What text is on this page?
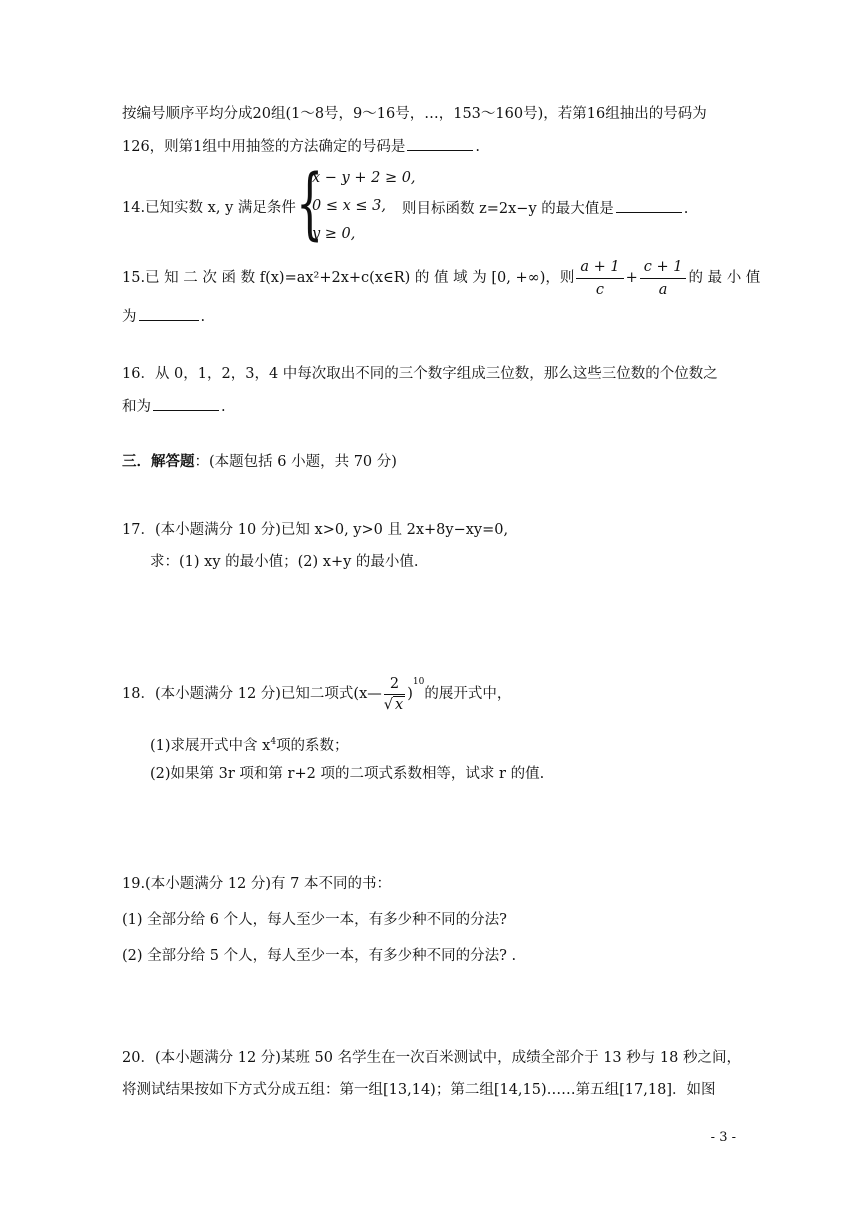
按编号顺序平均分成20组(1～8号，9～16号，…，153～160号)，若第16组抽出的号码为
126，则第1组中用抽签的方法确定的号码是	.
14.已知实数 x, y 满足条件 {
x − y + 2 ≥ 0,
0 ≤ x ≤ 3,
y ≥ 0,
则目标函数 z=2x−y 的最大值是	.
15.已 知 二 次 函 数 f(x)=ax²+2x+c(x∈R) 的 值 域 为 [0, +∞)，则 $\frac{a + 1}{c} + \frac{c + 1}{a}$ 的 最 小 值
为	.
16．从 0，1，2，3，4 中每次取出不同的三个数字组成三位数，那么这些三位数的个位数之
和为	.
三．解答题：(本题包括 6 小题，共 70 分)
17．(本小题满分 10 分)已知 x>0, y>0 且 2x+8y−xy=0,
求：(1) xy 的最小值；(2) x+y 的最小值.
18．(本小题满分 12 分)已知二项式(x— $\frac{2}{√ x}$ )
10
的展开式中，
(1)求展开式中含 $x^4$项的系数；
(2)如果第 3r 项和第 r+2 项的二项式系数相等，试求 r 的值.
19.(本小题满分 12 分)有 7 本不同的书：
(1) 全部分给 6 个人，每人至少一本，有多少种不同的分法?
(2) 全部分给 5 个人，每人至少一本，有多少种不同的分法? .
20．(本小题满分 12 分)某班 50 名学生在一次百米测试中，成绩全部介于 13 秒与 18 秒之间，
将测试结果按如下方式分成五组：第一组[13,14)；第二组[14,15)……第五组[17,18]．如图
- 3 -
